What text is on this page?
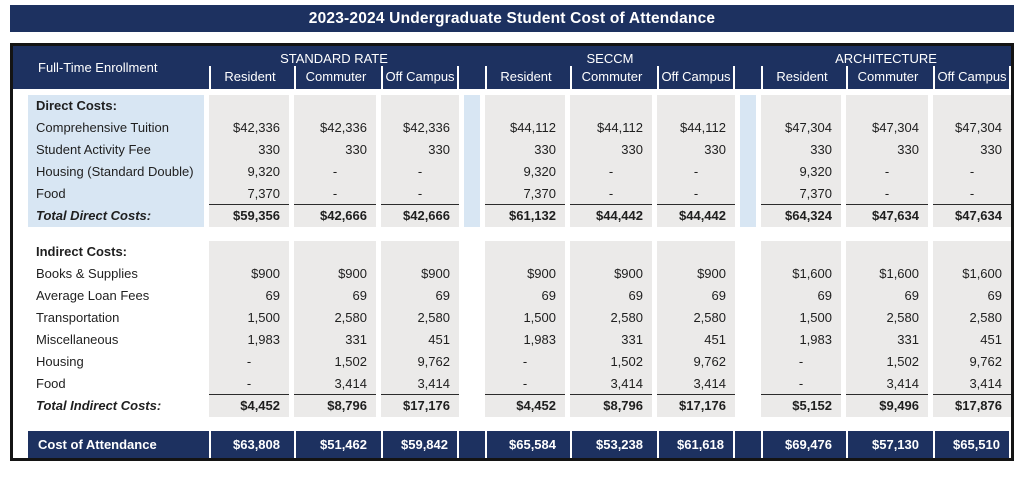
2023-2024 Undergraduate Student Cost of Attendance
Full-Time Enrollment
STANDARD RATE	SECCM	ARCHITECTURE
Resident	Commuter	Off Campus	Resident	Commuter	Off Campus	Resident	Commuter	Off Campus
Direct Costs:
Comprehensive Tuition	$42,336	$42,336	$42,336	$44,112	$44,112	$44,112	$47,304	$47,304	$47,304
Student Activity Fee	330	330	330	330	330	330	330	330	330
Housing (Standard Double)	9,320	-	-	9,320	-	-	9,320	-	-
Food	7,370	-	-	7,370	-	-	7,370	-	-
Total Direct Costs:	$59,356	$42,666	$42,666	$61,132	$44,442	$44,442	$64,324	$47,634	$47,634
Indirect Costs:
Books & Supplies	$900	$900	$900	$900	$900	$900	$1,600	$1,600	$1,600
Average Loan Fees	69	69	69	69	69	69	69	69	69
Transportation	1,500	2,580	2,580	1,500	2,580	2,580	1,500	2,580	2,580
Miscellaneous	1,983	331	451	1,983	331	451	1,983	331	451
Housing	-	1,502	9,762	-	1,502	9,762	-	1,502	9,762
Food	-	3,414	3,414	-	3,414	3,414	-	3,414	3,414
Total Indirect Costs:	$4,452	$8,796	$17,176	$4,452	$8,796	$17,176	$5,152	$9,496	$17,876
Cost of Attendance	$63,808	$51,462	$59,842	$65,584	$53,238	$61,618	$69,476	$57,130	$65,510
